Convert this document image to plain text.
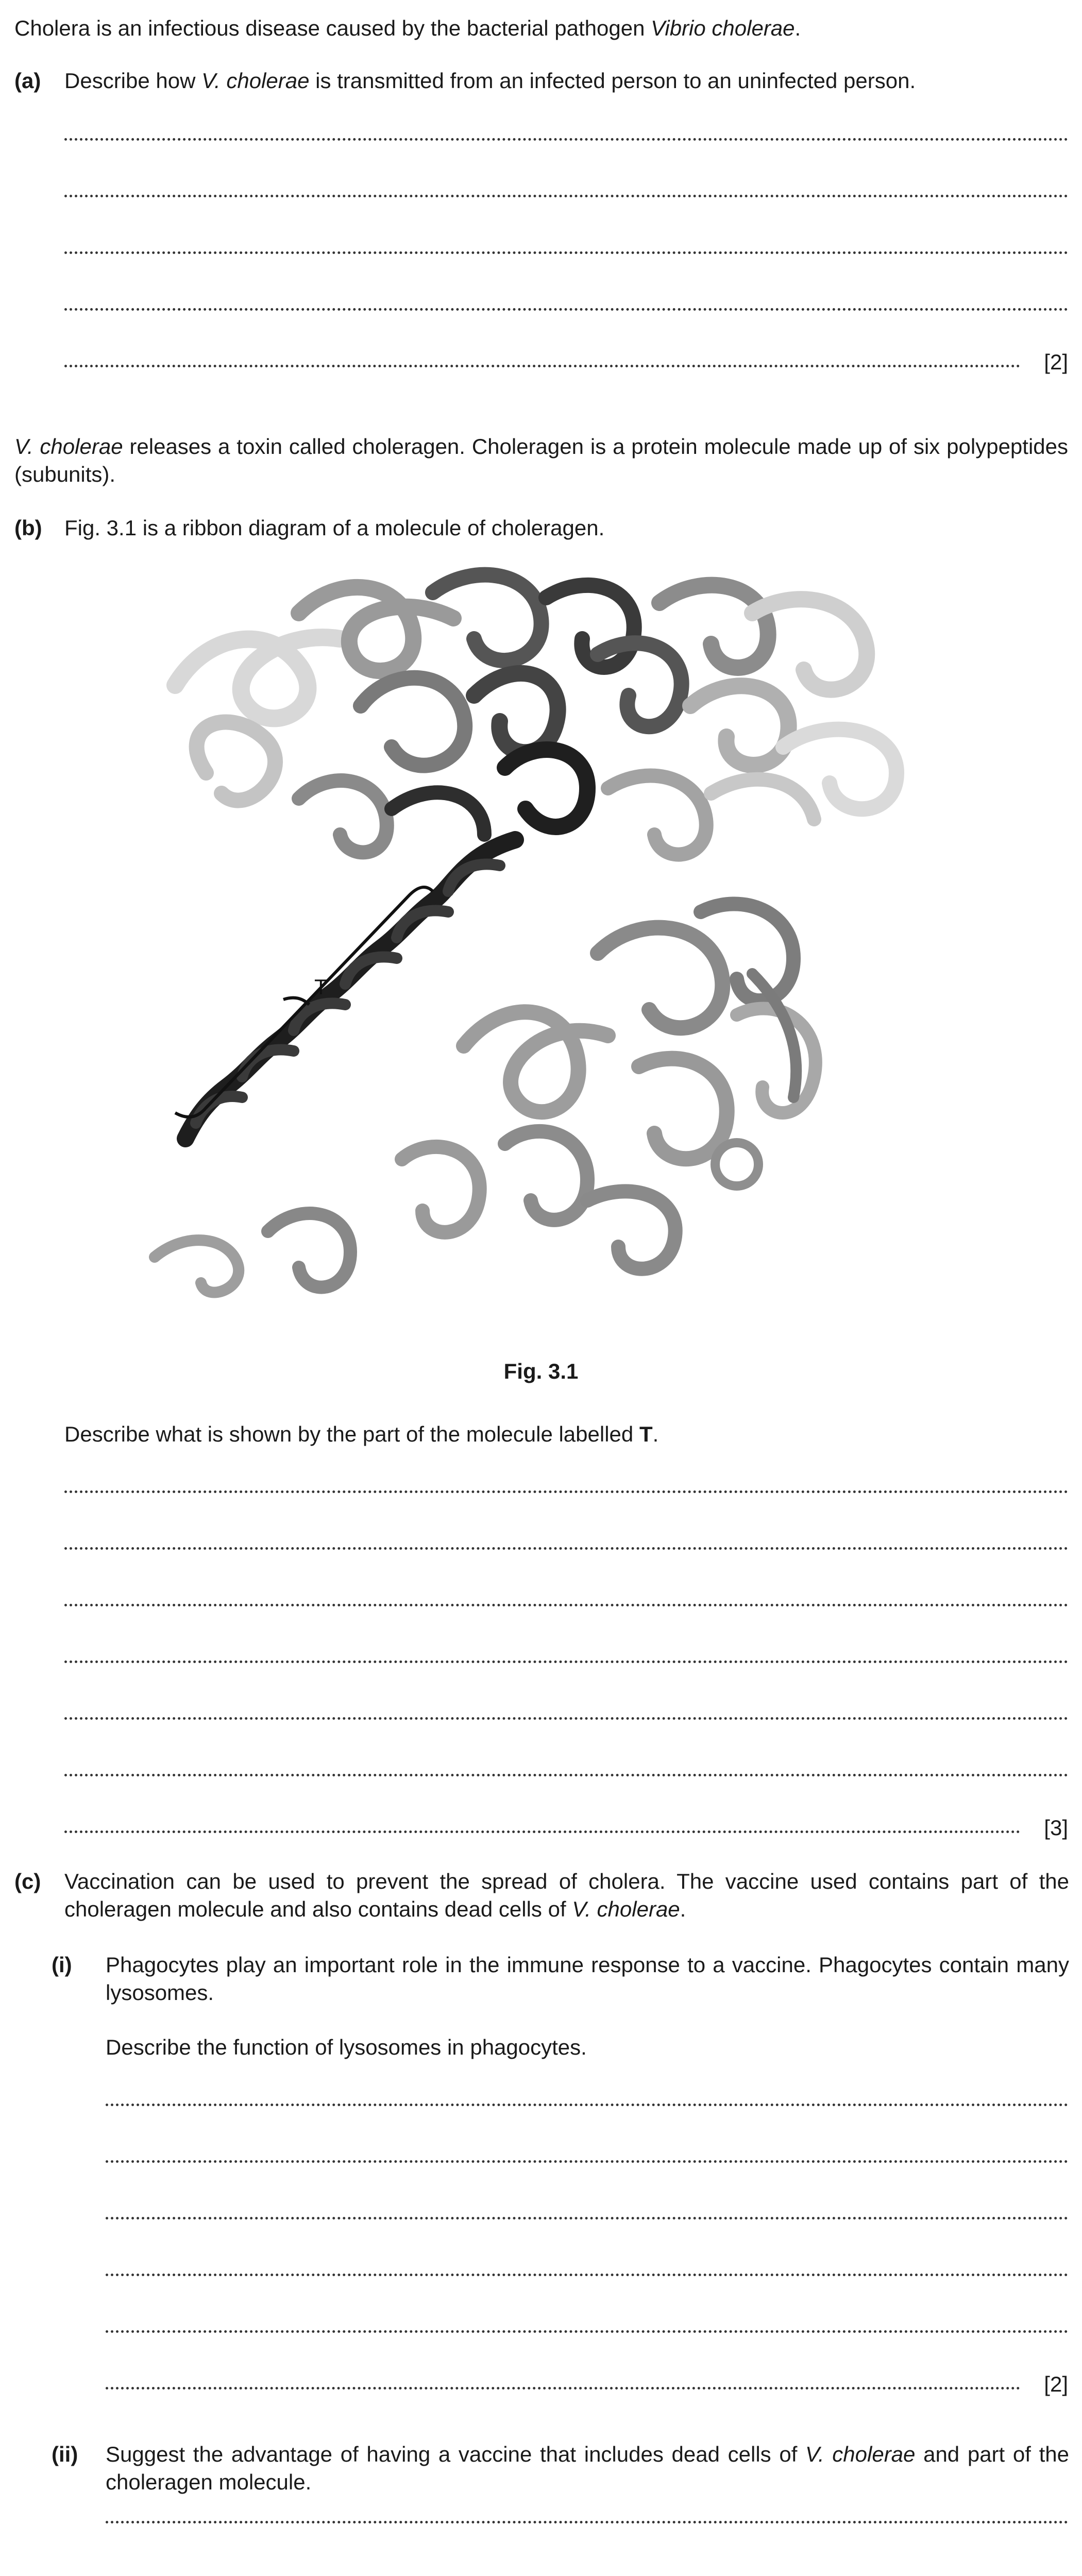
Cholera is an infectious disease caused by the bacterial pathogen Vibrio cholerae.

(a) Describe how V. cholerae is transmitted from an infected person to an uninfected person.

[2]

V. cholerae releases a toxin called choleragen. Choleragen is a protein molecule made up of six polypeptides (subunits).

(b) Fig. 3.1 is a ribbon diagram of a molecule of choleragen.

T
Fig. 3.1

Describe what is shown by the part of the molecule labelled T.

[3]
(c) Vaccination can be used to prevent the spread of cholera. The vaccine used contains part of the choleragen molecule and also contains dead cells of V. cholerae.

(i) Phagocytes play an important role in the immune response to a vaccine. Phagocytes contain many lysosomes.

Describe the function of lysosomes in phagocytes.

[2]
(ii) Suggest the advantage of having a vaccine that includes dead cells of V. cholerae and part of the choleragen molecule.
